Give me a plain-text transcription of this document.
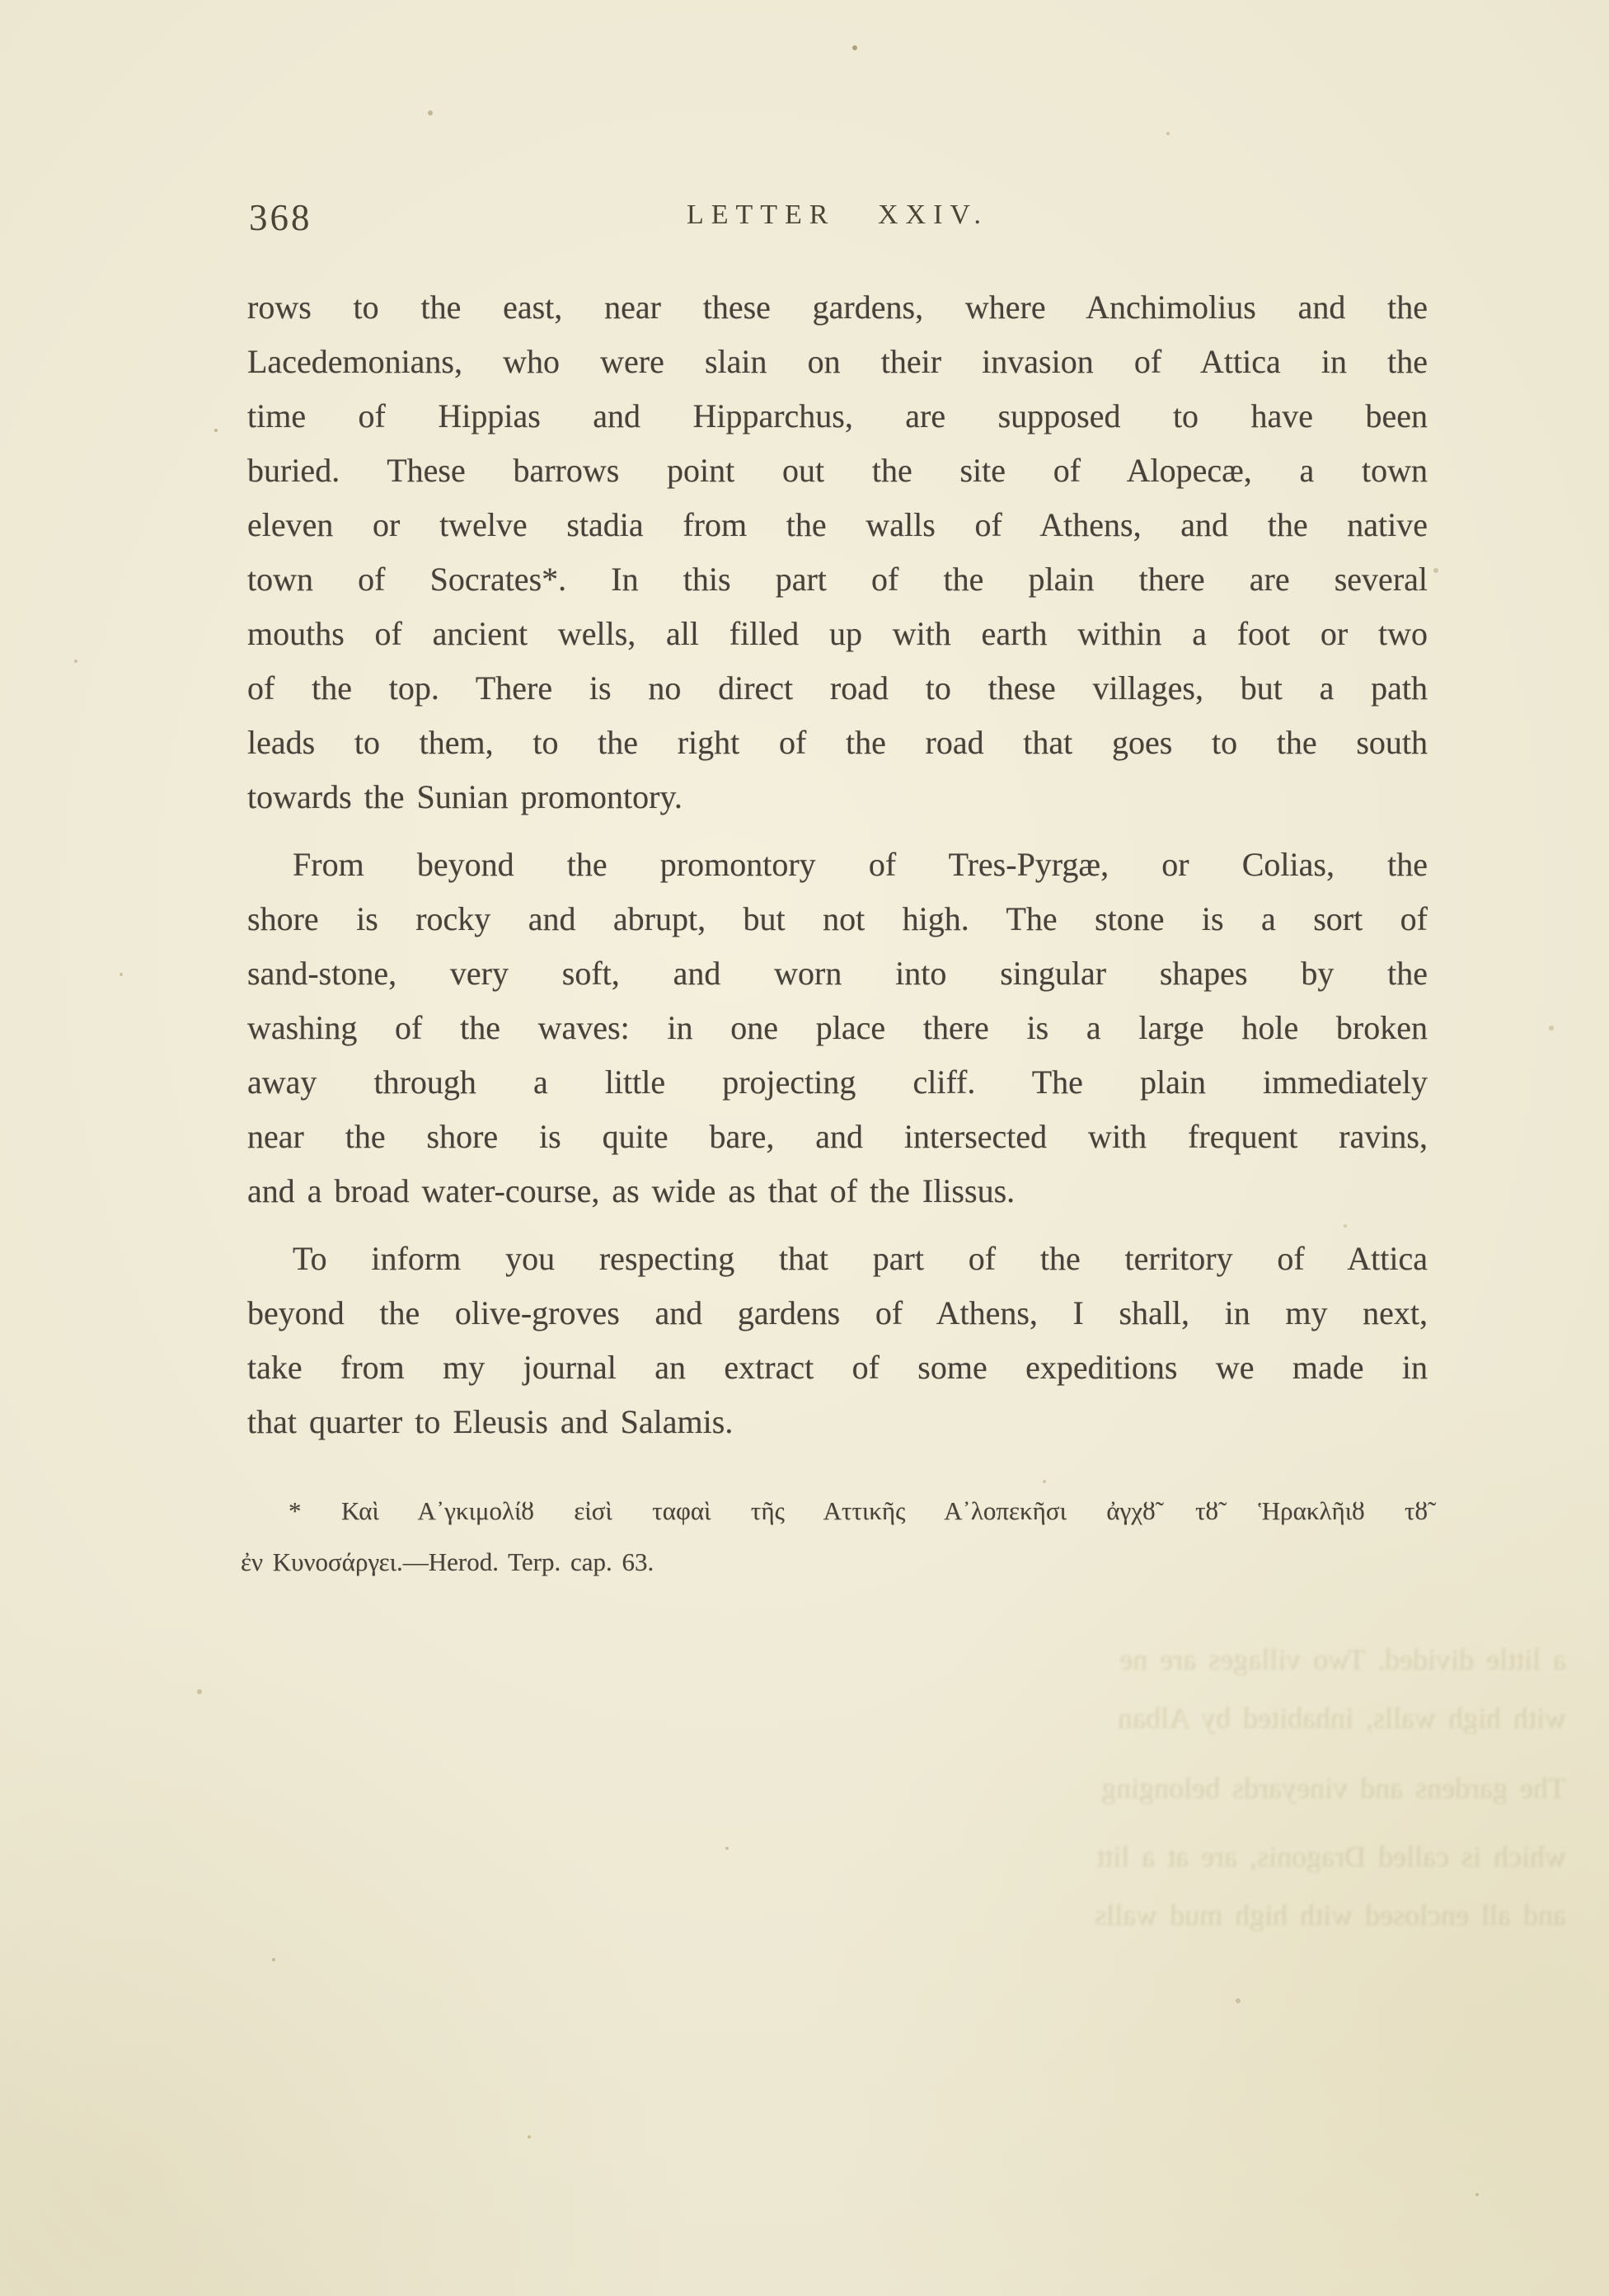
368	LETTER XXIV.
rows to the east, near these gardens, where Anchimolius and the
Lacedemonians, who were slain on their invasion of Attica in the
time of Hippias and Hipparchus, are supposed to have been
buried. These barrows point out the site of Alopecæ, a town
eleven or twelve stadia from the walls of Athens, and the native
town of Socrates*. In this part of the plain there are several
mouths of ancient wells, all filled up with earth within a foot or two
of the top. There is no direct road to these villages, but a path
leads to them, to the right of the road that goes to the south
towards the Sunian promontory.
From beyond the promontory of Tres-Pyrgæ, or Colias, the
shore is rocky and abrupt, but not high. The stone is a sort of
sand-stone, very soft, and worn into singular shapes by the
washing of the waves: in one place there is a large hole broken
away through a little projecting cliff. The plain immediately
near the shore is quite bare, and intersected with frequent ravins,
and a broad water-course, as wide as that of the Ilissus.
To inform you respecting that part of the territory of Attica
beyond the olive-groves and gardens of Athens, I shall, in my next,
take from my journal an extract of some expeditions we made in
that quarter to Eleusis and Salamis.
* Καὶ Α᾽γκιμολίȣ εἰσὶ ταφαὶ τῆς Αττικῆς Α᾽λοπεκῆσι ἀγχȣ̃ τȣ̃ Ἡρακλῆιȣ τȣ̃
ἐν Κυνοσάργει.—Herod. Terp. cap. 63.
a little divided. Two villages are ne
with high walls, inhabited by Alban
The gardens and vineyards belonging
which is called Dragonis, are at a litt
and all enclosed with high mud walls
